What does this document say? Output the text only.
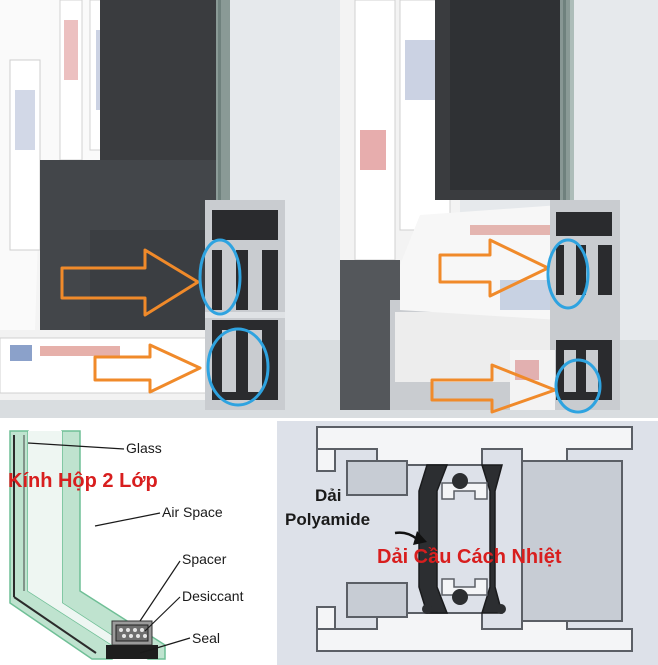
Glass
Kính Hộp 2 Lớp
Air Space
Spacer
Desiccant
Seal
Dải
Polyamide
Dải Cầu Cách Nhiệt
